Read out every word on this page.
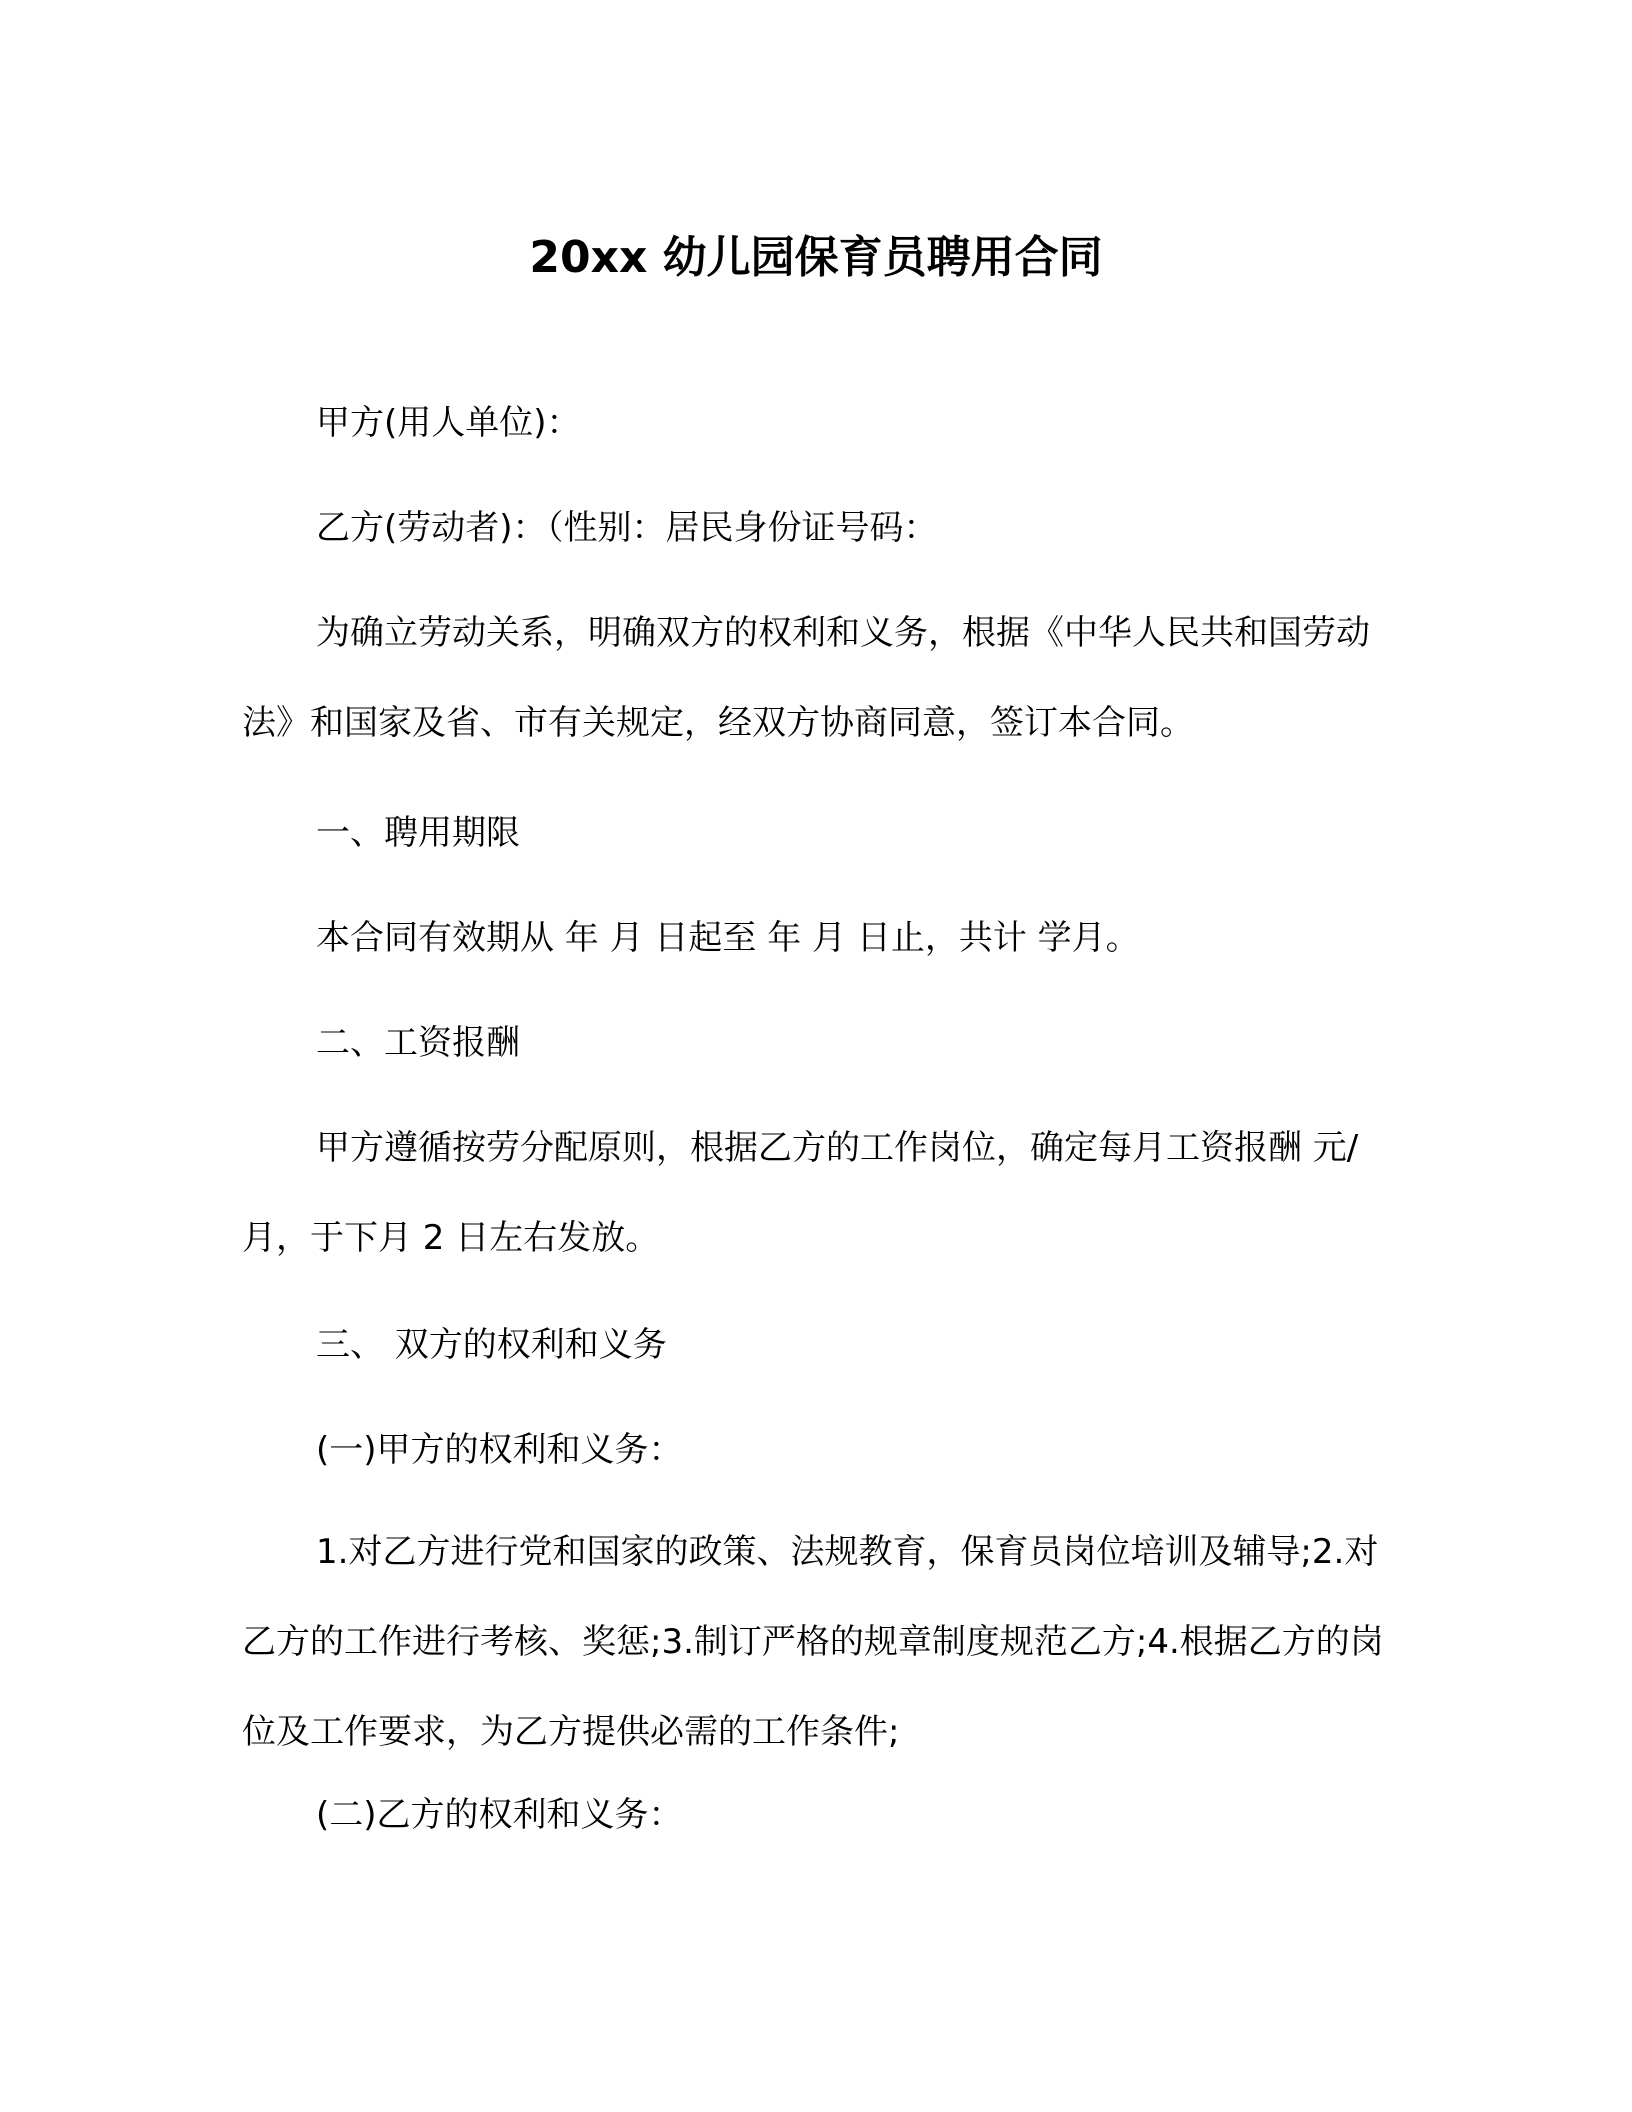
20xx 幼儿园保育员聘用合同

甲方(用人单位)：

乙方(劳动者)：（性别：居民身份证号码：

为确立劳动关系，明确双方的权利和义务，根据《中华人民共和国劳动法》和国家及省、市有关规定，经双方协商同意，签订本合同。

一、聘用期限

本合同有效期从 年 月 日起至 年 月 日止，共计 学月。

二、工资报酬

甲方遵循按劳分配原则，根据乙方的工作岗位，确定每月工资报酬 元/月，于下月 2 日左右发放。

三、 双方的权利和义务

(一)甲方的权利和义务：

1.对乙方进行党和国家的政策、法规教育，保育员岗位培训及辅导;2.对乙方的工作进行考核、奖惩;3.制订严格的规章制度规范乙方;4.根据乙方的岗位及工作要求，为乙方提供必需的工作条件;

(二)乙方的权利和义务：
